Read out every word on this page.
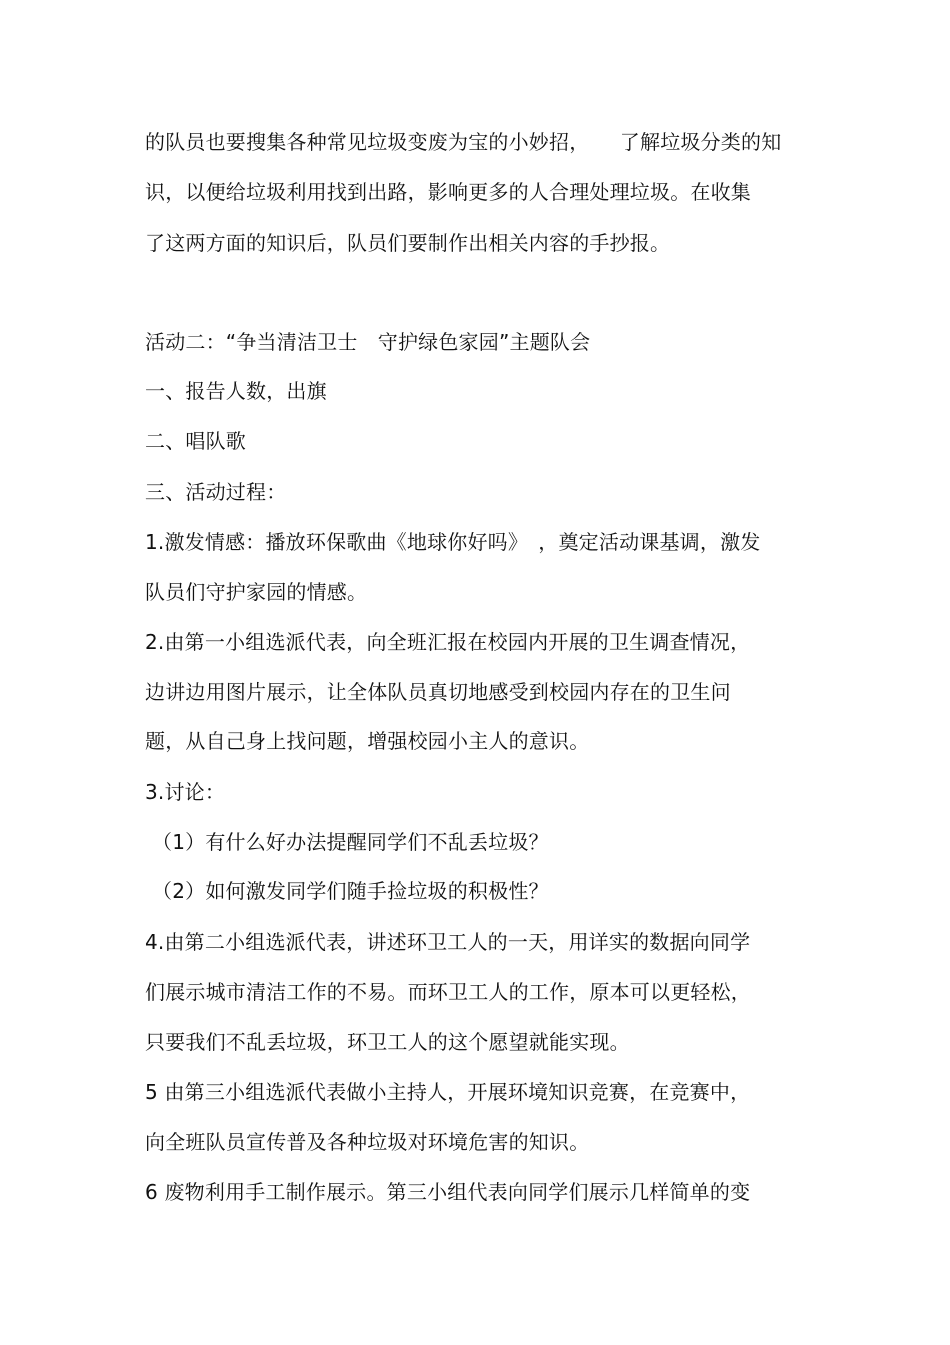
的队员也要搜集各种常见垃圾变废为宝的小妙招，　　了解垃圾分类的知
识，以便给垃圾利用找到出路，影响更多的人合理处理垃圾。在收集
了这两方面的知识后，队员们要制作出相关内容的手抄报。
活动二：“争当清洁卫士　守护绿色家园”主题队会
一、报告人数，出旗
二、唱队歌
三、活动过程：
1.激发情感：播放环保歌曲《地球你好吗》　，奠定活动课基调，激发
队员们守护家园的情感。
2.由第一小组选派代表，向全班汇报在校园内开展的卫生调查情况，
边讲边用图片展示，让全体队员真切地感受到校园内存在的卫生问
题，从自己身上找问题，增强校园小主人的意识。
3.讨论：
（1）有什么好办法提醒同学们不乱丢垃圾？
（2）如何激发同学们随手捡垃圾的积极性？
4.由第二小组选派代表，讲述环卫工人的一天，用详实的数据向同学
们展示城市清洁工作的不易。而环卫工人的工作，原本可以更轻松，
只要我们不乱丢垃圾，环卫工人的这个愿望就能实现。
5 由第三小组选派代表做小主持人，开展环境知识竞赛，在竞赛中，
向全班队员宣传普及各种垃圾对环境危害的知识。
6 废物利用手工制作展示。第三小组代表向同学们展示几样简单的变
